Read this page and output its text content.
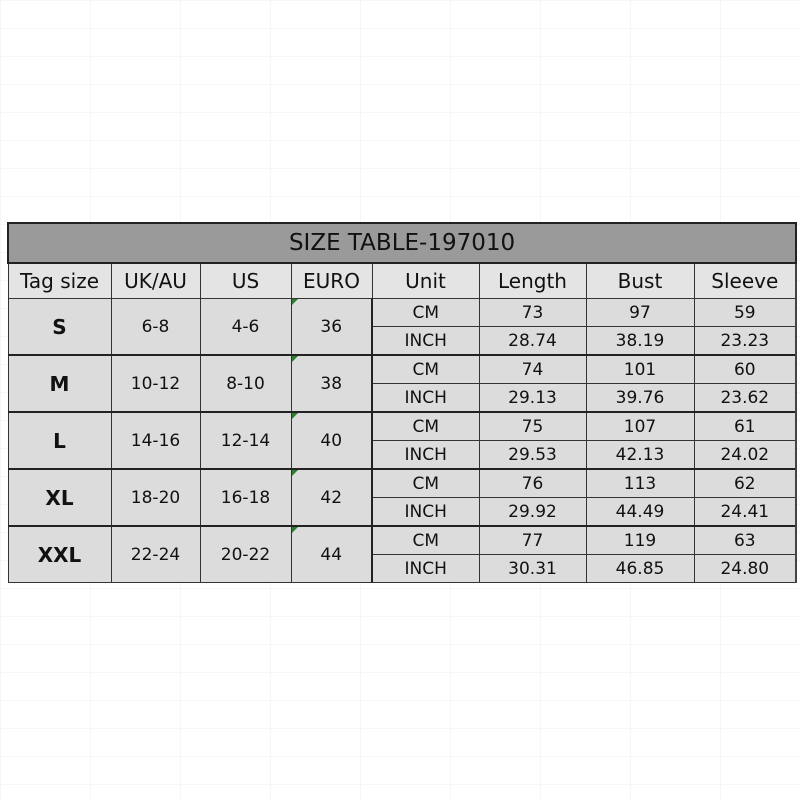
SIZE TABLE-197010							
Tag size	UK/AU	US	EURO	Unit	Length	Bust	Sleeve
S	6-8	4-6	36	CM	73	97	59
				INCH	28.74	38.19	23.23
M	10-12	8-10	38	CM	74	101	60
				INCH	29.13	39.76	23.62
L	14-16	12-14	40	CM	75	107	61
				INCH	29.53	42.13	24.02
XL	18-20	16-18	42	CM	76	113	62
				INCH	29.92	44.49	24.41
XXL	22-24	20-22	44	CM	77	119	63
				INCH	30.31	46.85	24.80
